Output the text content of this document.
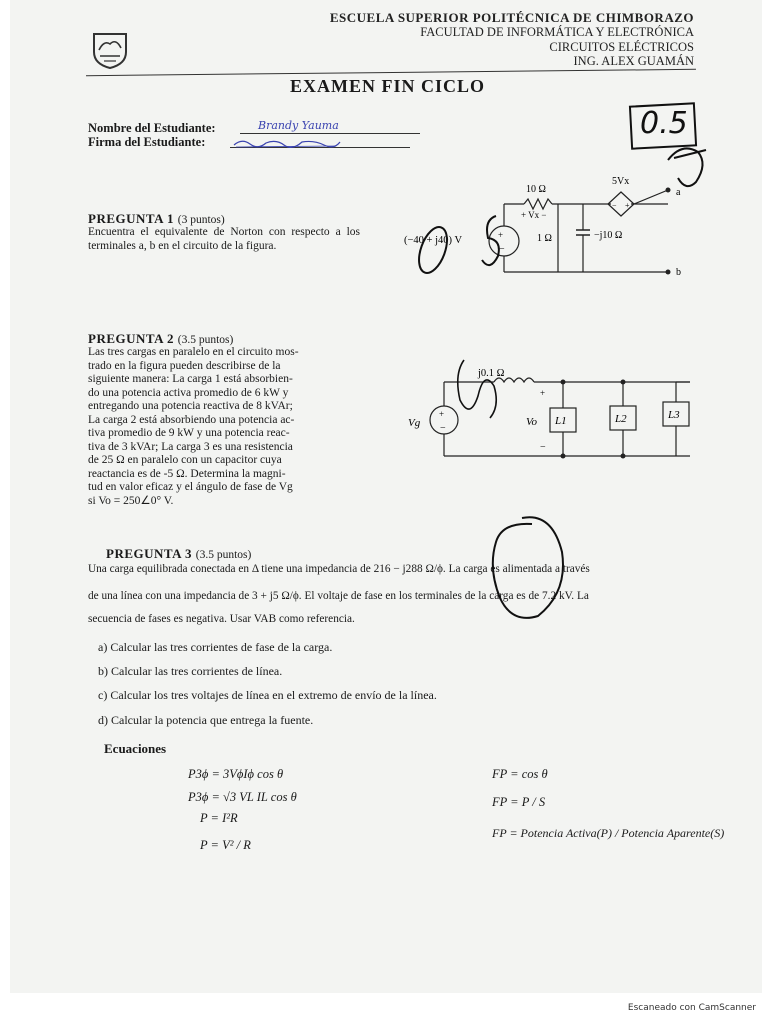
ESCUELA SUPERIOR POLITÉCNICA DE CHIMBORAZO
FACULTAD DE INFORMÁTICA Y ELECTRÓNICA
CIRCUITOS ELÉCTRICOS
ING. ALEX GUAMÁN
EXAMEN FIN CICLO
Nombre del Estudiante:	Brandy Yauma
Firma del Estudiante:
0.5
PREGUNTA 1 (3 puntos)
Encuentra el equivalente de Norton con respecto a los terminales a, b en el circuito de la figura.
+
−
− +
10 Ω
+ Vx −
5Vx
1 Ω	−j10 Ω
a
b
(−40 + j40) V
PREGUNTA 2 (3.5 puntos)
Las tres cargas en paralelo en el circuito mos-
trado en la figura pueden describirse de la
siguiente manera: La carga 1 está absorbien-
do una potencia activa promedio de 6 kW y
entregando una potencia reactiva de 8 kVAr;
La carga 2 está absorbiendo una potencia ac-
tiva promedio de 9 kW y una potencia reac-
tiva de 3 kVAr; La carga 3 es una resistencia
de 25 Ω en paralelo con un capacitor cuya
reactancia es de -5 Ω. Determina la magni-
tud en valor eficaz y el ángulo de fase de Vg
si Vo = 250∠0° V.
+
−
+
−
j0.1 Ω
Vg	Vo L1	L2	L3
PREGUNTA 3 (3.5 puntos)
Una carga equilibrada conectada en Δ tiene una impedancia de 216 − j288 Ω/ϕ. La carga es alimentada a través
de una línea con una impedancia de 3 + j5 Ω/ϕ. El voltaje de fase en los terminales de la carga es de 7.2 kV. La
secuencia de fases es negativa. Usar VAB como referencia.
a) Calcular las tres corrientes de fase de la carga.
b) Calcular las tres corrientes de línea.
c) Calcular los tres voltajes de línea en el extremo de envío de la línea.
d) Calcular la potencia que entrega la fuente.
Ecuaciones
P3ϕ = 3VϕIϕ cos θ
P3ϕ = √3 VL IL cos θ
P = I²R
P = V² / R
FP = cos θ
FP = P / S
FP = Potencia Activa(P) / Potencia Aparente(S)
Escaneado con CamScanner
